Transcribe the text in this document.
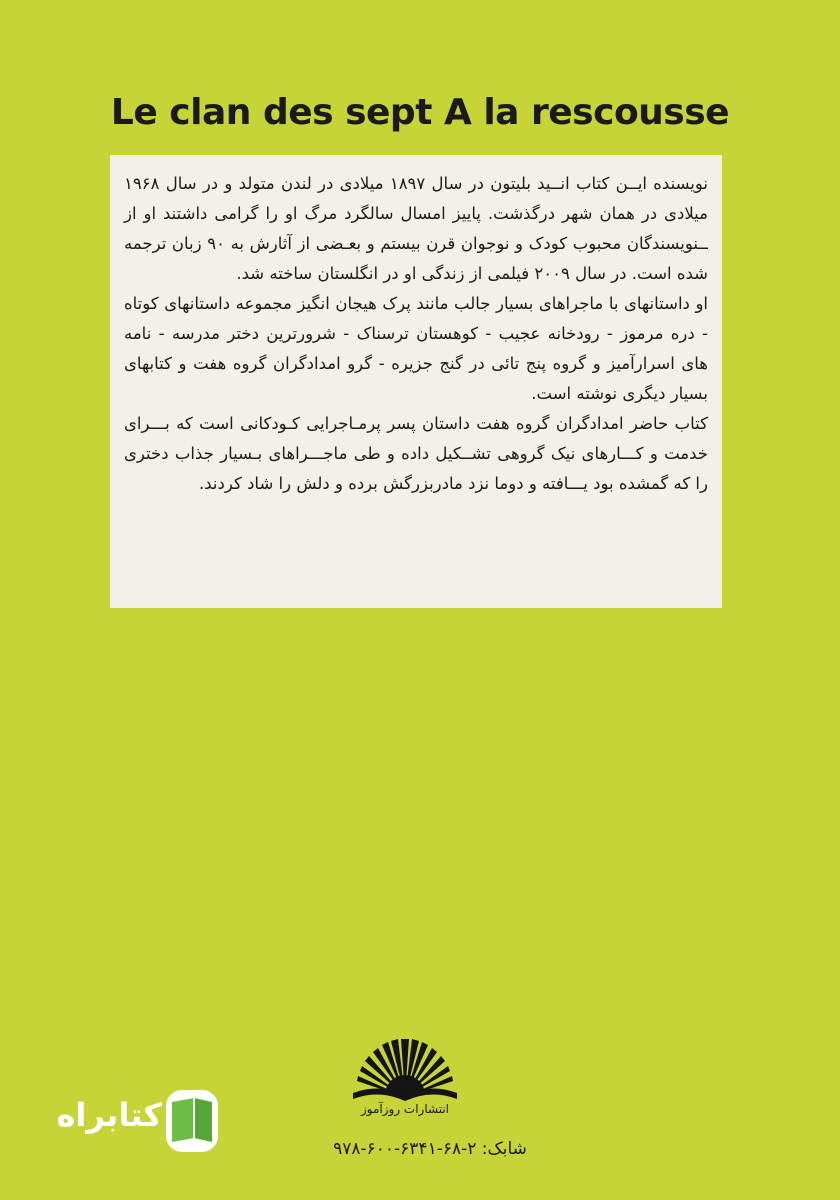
Le clan des sept A la rescousse

نویسنده ایــن کتاب انــید بلیتون در سال ۱۸۹۷ میلادی در لندن متولد و در سال ۱۹۶۸ میلادی در همان شهر درگذشت. پاییز امسال سالگرد مرگ او را گرامی داشتند او از ــنویسندگان محبوب کودک و نوجوان قرن بیستم و بعـضی از آثارش به ۹۰ زبان ترجمه شده است. در سال ۲۰۰۹ فیلمی از زندگی او در انگلستان ساخته شد.

او داستانهای با ماجراهای بسیار جالب مانند پرک هیجان انگیز مجموعه داستانهای کوتاه - دره مرموز - رودخانه عجیب - کوهستان ترسناک - شرورترین دختر مدرسه - نامه های اسرارآمیز و گروه پنج تائی در گنج جزیره - گرو امدادگران گروه هفت و کتابهای بسیار دیگری نوشته است.

کتاب حاضر امدادگران گروه هفت داستان پسر پرمـاجرایی کـودکانی است که بـــرای خدمت و کـــارهای نیک گروهی تشــکیل داده و طی ماجـــراهای بـسیار جذاب دختری را که گمشده بود یـــافته و دوما نزد مادربزرگش برده و دلش را شاد کردند.

انتشارات روزآموز
شابک: ۲-۶۸-۶۳۴۱-۶۰۰-۹۷۸
کتابراه
